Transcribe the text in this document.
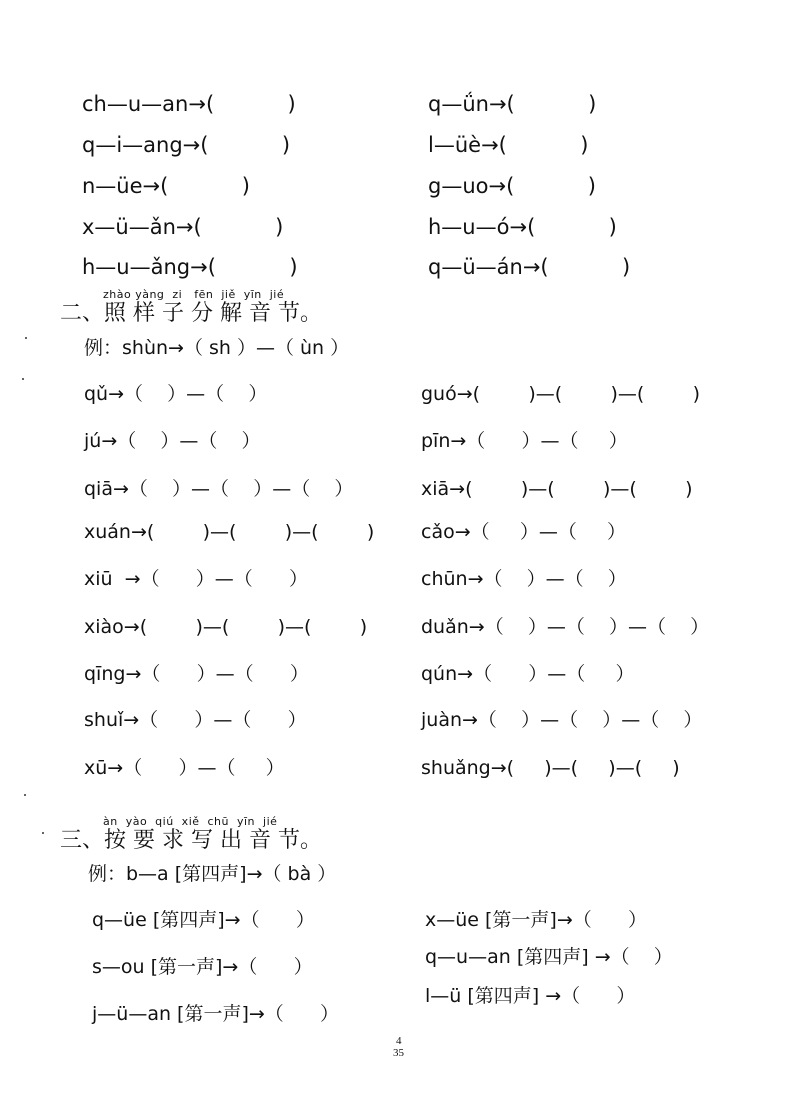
ch—u—an→(           )
q—i—ang→(           )
n—üe→(           )
x—ü—ǎn→(           )
h—u—ǎng→(           )
q—ǘn→(           )
l—üè→(           )
g—uo→(           )
h—u—ó→(           )
q—ü—án→(           )
zhào yàng  zi   fēn  jiě  yīn  jié
二、照 样 子 分 解 音 节。
例：shùn→（ sh ）—（ ùn ）
qǔ→（    ）—（    ）
jú→（    ）—（    ）
qiā→（    ）—（    ）—（    ）
xuán→(        )—(        )—(        )
xiū  →（      ）—（      ）
xiào→(        )—(        )—(        )
qīng→（      ）—（      ）
shuǐ→（      ）—（      ）
xū→（      ）—（     ）
guó→(        )—(        )—(        )
pīn→（      ）—（     ）
xiā→(        )—(        )—(        )
cǎo→（     ）—（     ）
chūn→（    ）—（    ）
duǎn→（    ）—（    ）—（    ）
qún→（      ）—（     ）
juàn→（    ）—（    ）—（    ）
shuǎng→(     )—(     )—(     )
àn  yào  qiú  xiě  chū  yīn  jié
三、按 要 求 写 出 音 节。
例：b—a [第四声]→（ bà ）
q—üe [第四声]→（      ）
s—ou [第一声]→（      ）
j—ü—an [第一声]→（      ）
x—üe [第一声]→（      ）
q—u—an [第四声] →（    ）
l—ü [第四声] →（      ）
4
35
